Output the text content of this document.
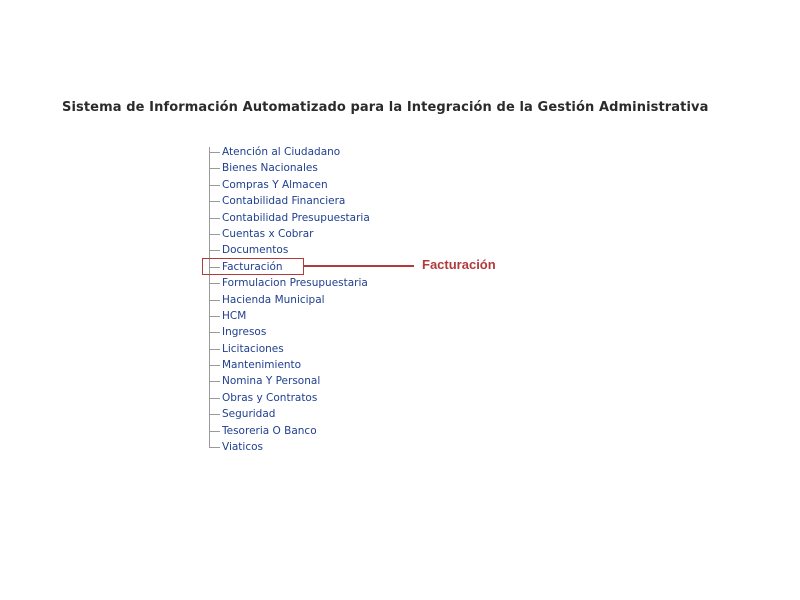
Sistema de Información Automatizado para la Integración de la Gestión Administrativa
Atención al Ciudadano
Bienes Nacionales
Compras Y Almacen
Contabilidad Financiera
Contabilidad Presupuestaria
Cuentas x Cobrar
Documentos
Facturación
Formulacion Presupuestaria
Hacienda Municipal
HCM
Ingresos
Licitaciones
Mantenimiento
Nomina Y Personal
Obras y Contratos
Seguridad
Tesoreria O Banco
Viaticos
Facturación
